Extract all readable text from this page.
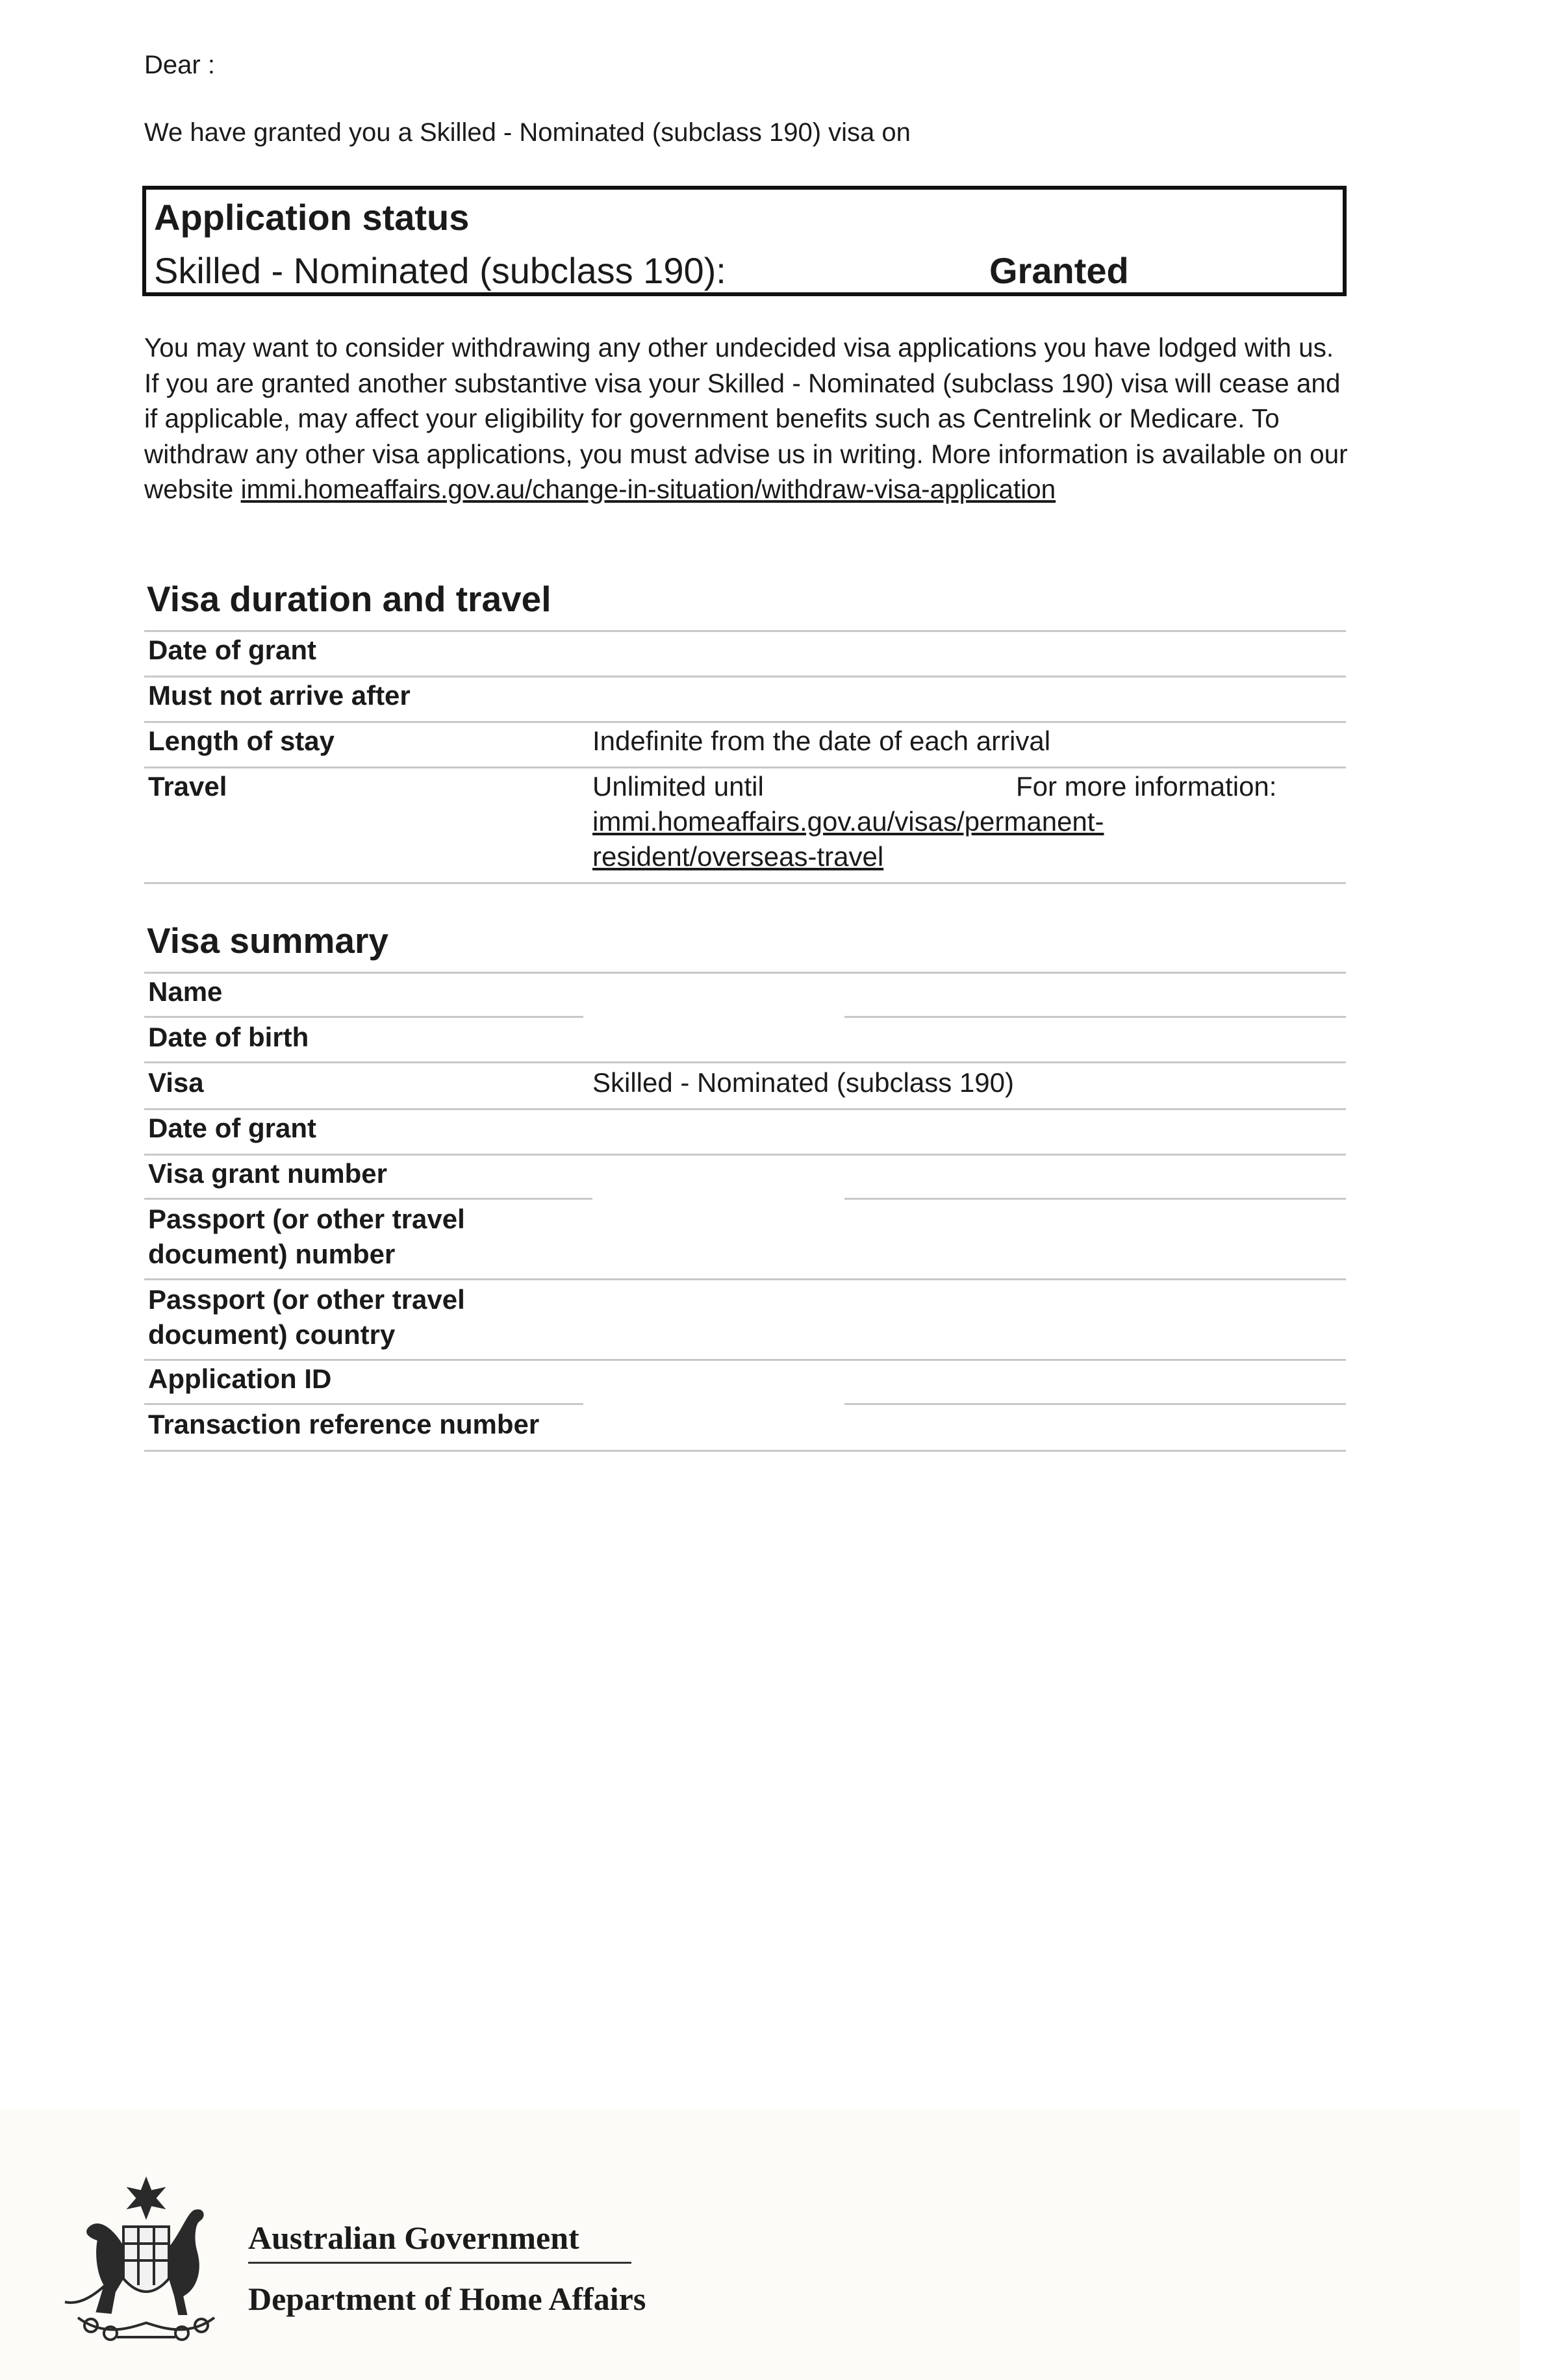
Dear :
We have granted you a Skilled - Nominated (subclass 190) visa on
Application status
Skilled - Nominated (subclass 190):	Granted
You may want to consider withdrawing any other undecided visa applications you have lodged with us. If you are granted another substantive visa your Skilled - Nominated (subclass 190) visa will cease and if applicable, may affect your eligibility for government benefits such as Centrelink or Medicare. To withdraw any other visa applications, you must advise us in writing. More information is available on our website immi.homeaffairs.gov.au/change-in-situation/withdraw-visa-application
Visa duration and travel
Date of grant
Must not arrive after
Length of stay	Indefinite from the date of each arrival
Travel	Unlimited until	For more information:
immi.homeaffairs.gov.au/visas/permanent-resident/overseas-travel
Visa summary
Name
Date of birth
Visa	Skilled - Nominated (subclass 190)
Date of grant
Visa grant number
Passport (or other travel document) number
Passport (or other travel document) country
Application ID
Transaction reference number
Australian Government
Department of Home Affairs
